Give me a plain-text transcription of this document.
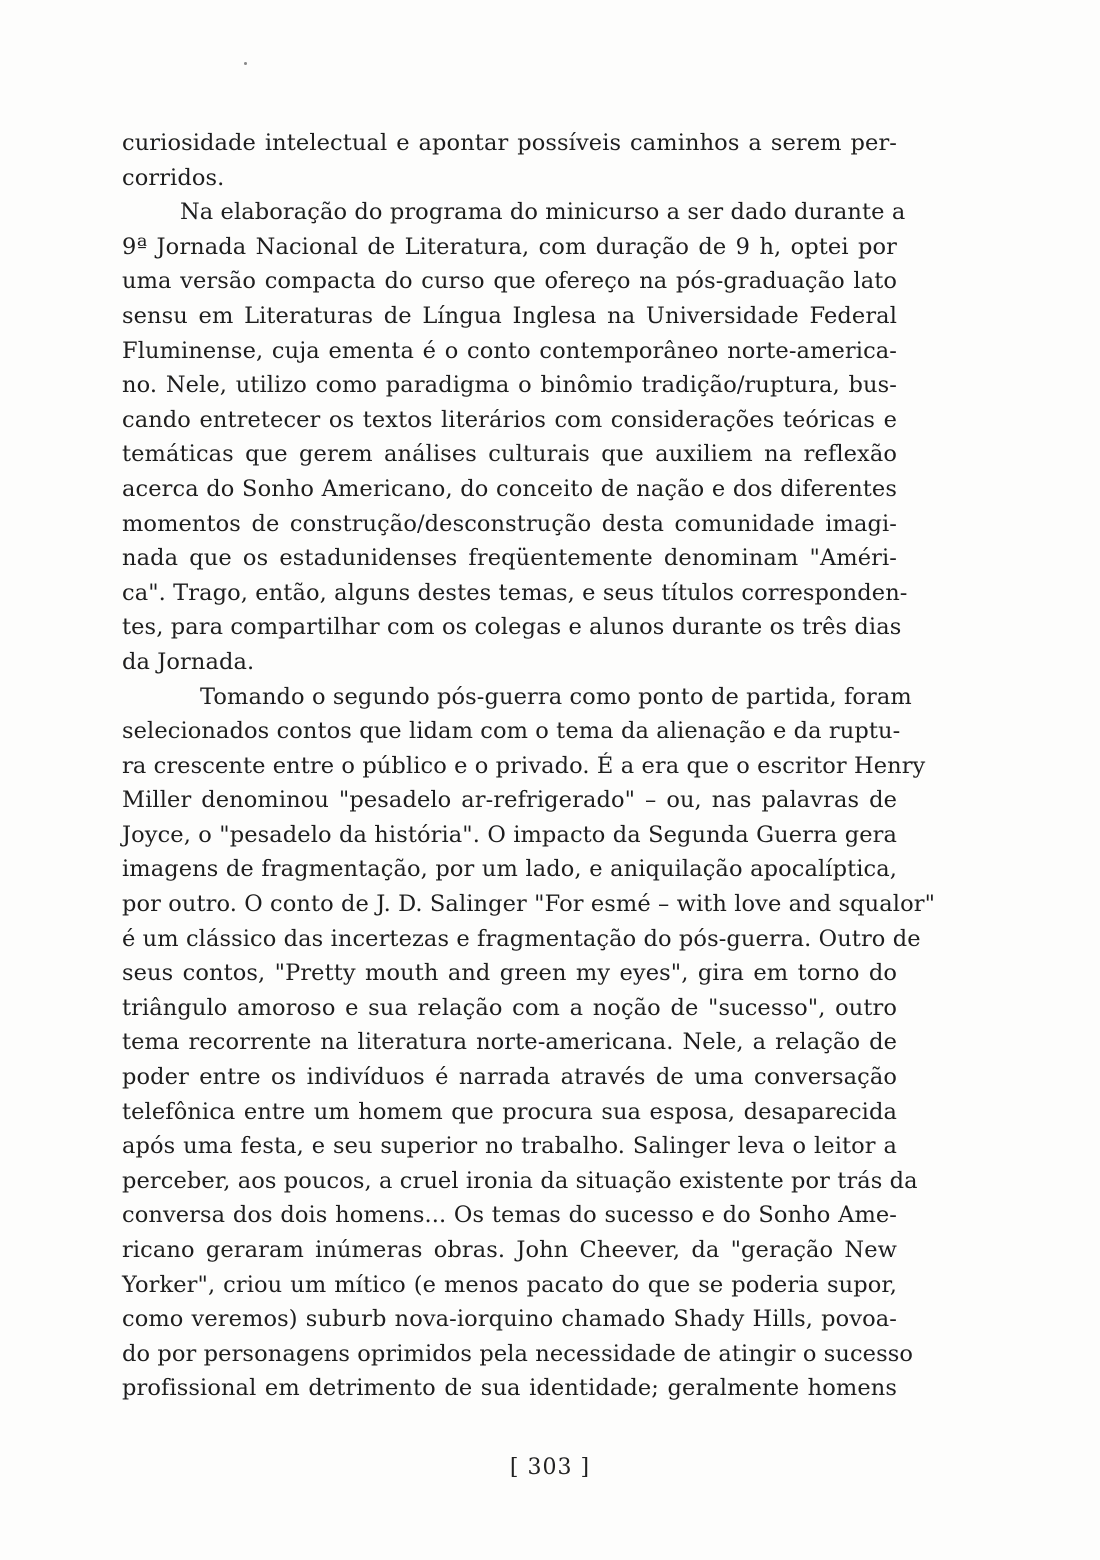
curiosidade intelectual e apontar possíveis caminhos a serem per-
corridos.
Na elaboração do programa do minicurso a ser dado durante a
9ª Jornada Nacional de Literatura, com duração de 9 h, optei por
uma versão compacta do curso que ofereço na pós-graduação lato
sensu em Literaturas de Língua Inglesa na Universidade Federal
Fluminense, cuja ementa é o conto contemporâneo norte-america-
no. Nele, utilizo como paradigma o binômio tradição/ruptura, bus-
cando entretecer os textos literários com considerações teóricas e
temáticas que gerem análises culturais que auxiliem na reflexão
acerca do Sonho Americano, do conceito de nação e dos diferentes
momentos de construção/desconstrução desta comunidade imagi-
nada que os estadunidenses freqüentemente denominam "Améri-
ca". Trago, então, alguns destes temas, e seus títulos corresponden-
tes, para compartilhar com os colegas e alunos durante os três dias
da Jornada.
Tomando o segundo pós-guerra como ponto de partida, foram
selecionados contos que lidam com o tema da alienação e da ruptu-
ra crescente entre o público e o privado. É a era que o escritor Henry
Miller denominou "pesadelo ar-refrigerado" – ou, nas palavras de
Joyce, o "pesadelo da história". O impacto da Segunda Guerra gera
imagens de fragmentação, por um lado, e aniquilação apocalíptica,
por outro. O conto de J. D. Salinger "For esmé – with love and squalor"
é um clássico das incertezas e fragmentação do pós-guerra. Outro de
seus contos, "Pretty mouth and green my eyes", gira em torno do
triângulo amoroso e sua relação com a noção de "sucesso", outro
tema recorrente na literatura norte-americana. Nele, a relação de
poder entre os indivíduos é narrada através de uma conversação
telefônica entre um homem que procura sua esposa, desaparecida
após uma festa, e seu superior no trabalho. Salinger leva o leitor a
perceber, aos poucos, a cruel ironia da situação existente por trás da
conversa dos dois homens... Os temas do sucesso e do Sonho Ame-
ricano geraram inúmeras obras. John Cheever, da "geração New
Yorker", criou um mítico (e menos pacato do que se poderia supor,
como veremos) suburb nova-iorquino chamado Shady Hills, povoa-
do por personagens oprimidos pela necessidade de atingir o sucesso
profissional em detrimento de sua identidade; geralmente homens
[ 303 ]
